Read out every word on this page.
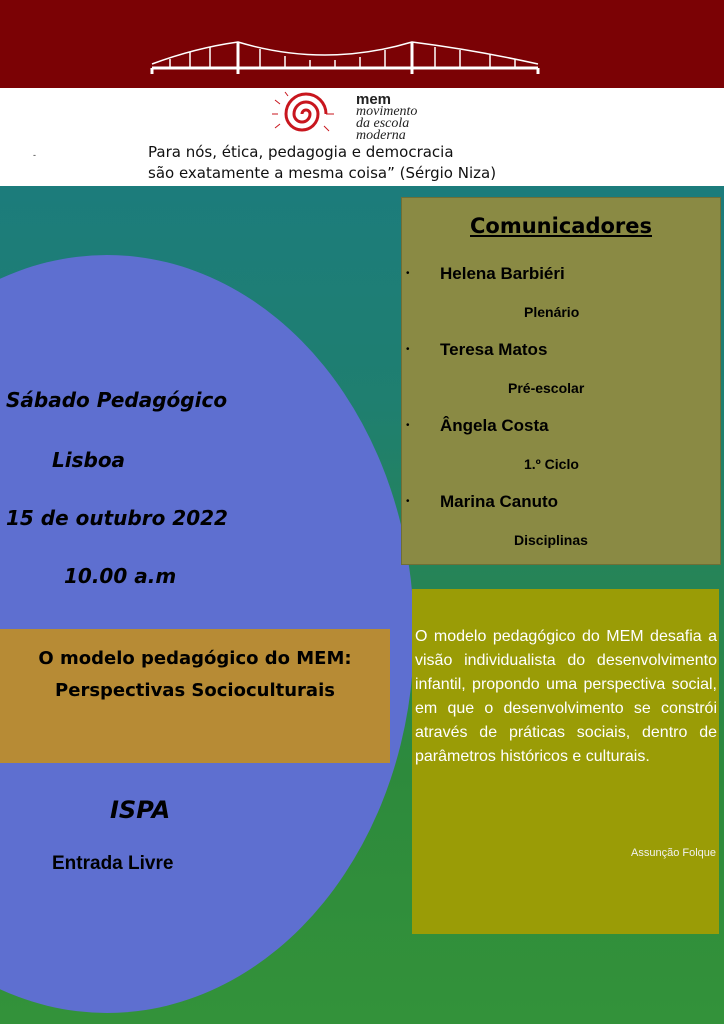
mem
movimento
da escola
moderna
-	Para nós, ética, pedagogia e democracia
são exatamente a mesma coisa” (Sérgio Niza)
Sábado Pedagógico
Lisboa
15 de outubro 2022
10.00 a.m
O modelo pedagógico do MEM:
Perspectivas Socioculturais
ISPA
Entrada Livre
Comunicadores
• Helena Barbiéri
Plenário
• Teresa Matos
Pré-escolar
• Ângela Costa
1.º Ciclo
• Marina Canuto
Disciplinas
O modelo pedagógico do MEM desafia a visão individualista do desenvolvimento infantil, propondo uma perspectiva social, em que o desenvolvimento se constrói através de práticas sociais, dentro de parâmetros históricos e culturais.
Assunção Folque
